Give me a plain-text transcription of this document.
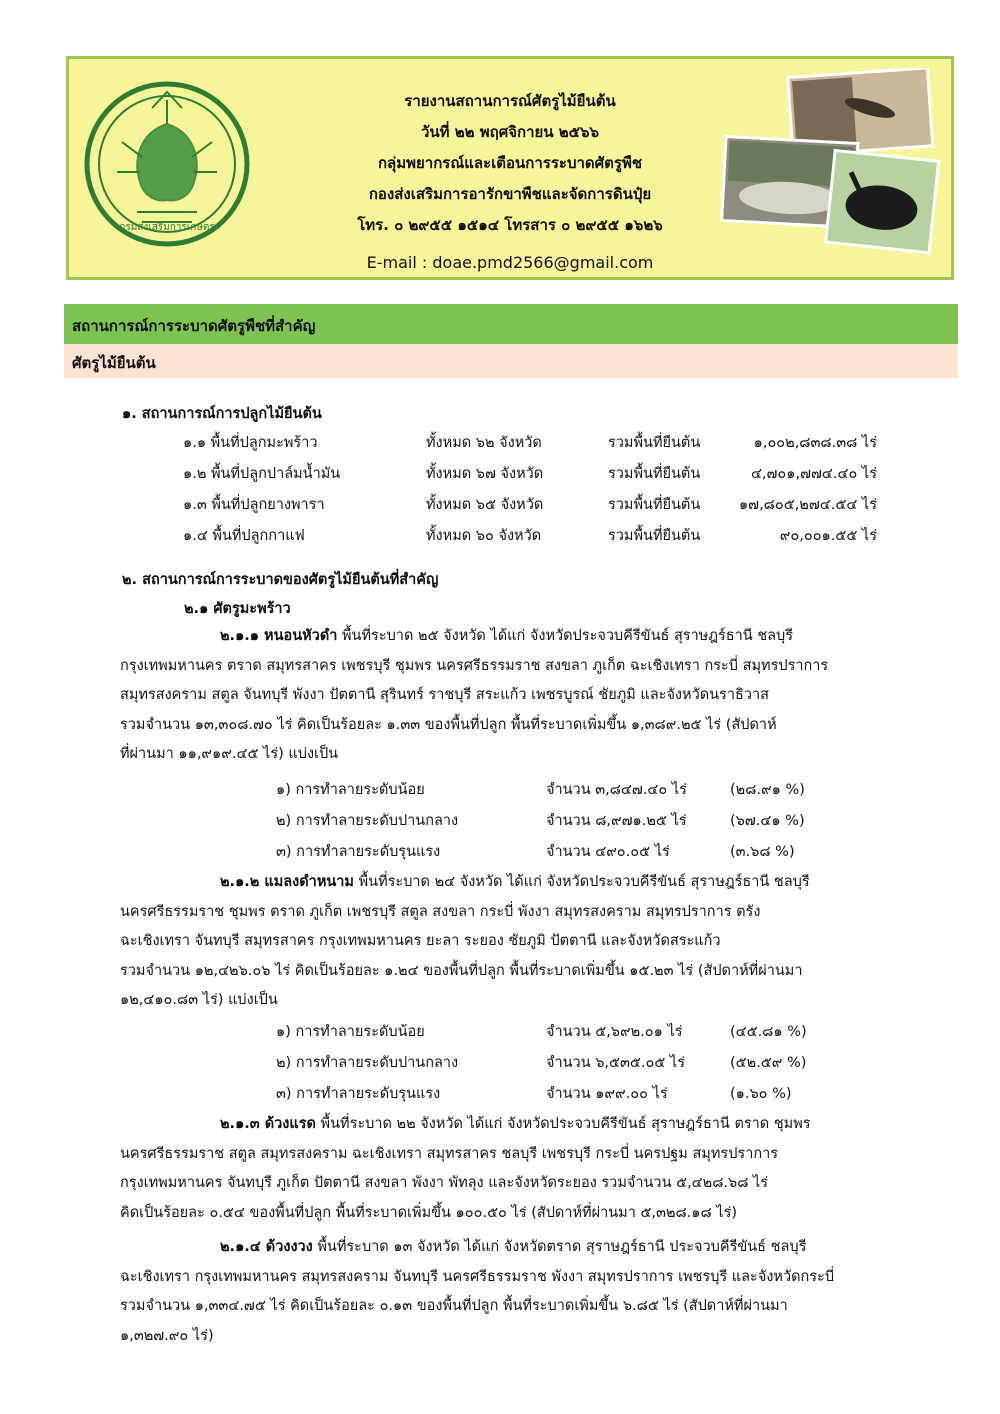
กรมส่งเสริมการเกษตร
รายงานสถานการณ์ศัตรูไม้ยืนต้น
วันที่ ๒๒ พฤศจิกายน ๒๕๖๖
กลุ่มพยากรณ์และเตือนการระบาดศัตรูพืช
กองส่งเสริมการอารักขาพืชและจัดการดินปุ๋ย
โทร. ๐ ๒๙๕๕ ๑๕๑๔ โทรสาร ๐ ๒๙๕๕ ๑๖๒๖
E-mail : doae.pmd2566@gmail.com
สถานการณ์การระบาดศัตรูพืชที่สำคัญ
ศัตรูไม้ยืนต้น
๑. สถานการณ์การปลูกไม้ยืนต้น
๑.๑ พื้นที่ปลูกมะพร้าว	ทั้งหมด ๖๒ จังหวัด	รวมพื้นที่ยืนต้น	๑,๐๐๒,๘๓๘.๓๘ ไร่
๑.๒ พื้นที่ปลูกปาล์มน้ำมัน	ทั้งหมด ๖๗ จังหวัด	รวมพื้นที่ยืนต้น	๔,๗๐๑,๗๗๔.๔๐ ไร่
๑.๓ พื้นที่ปลูกยางพารา	ทั้งหมด ๖๕ จังหวัด	รวมพื้นที่ยืนต้น	๑๗,๘๐๕,๒๗๔.๕๔ ไร่
๑.๔ พื้นที่ปลูกกาแฟ	ทั้งหมด ๖๐ จังหวัด	รวมพื้นที่ยืนต้น	๙๐,๐๐๑.๕๕ ไร่
๒. สถานการณ์การระบาดของศัตรูไม้ยืนต้นที่สำคัญ
๒.๑ ศัตรูมะพร้าว
๒.๑.๑ หนอนหัวดำ พื้นที่ระบาด ๒๕ จังหวัด ได้แก่ จังหวัดประจวบคีรีขันธ์ สุราษฎร์ธานี ชลบุรี
กรุงเทพมหานคร ตราด สมุทรสาคร เพชรบุรี ชุมพร นครศรีธรรมราช สงขลา ภูเก็ต ฉะเชิงเทรา กระบี่ สมุทรปราการ
สมุทรสงคราม สตูล จันทบุรี พังงา ปัตตานี สุรินทร์ ราชบุรี สระแก้ว เพชรบูรณ์ ชัยภูมิ และจังหวัดนราธิวาส
รวมจำนวน ๑๓,๓๐๘.๗๐ ไร่ คิดเป็นร้อยละ ๑.๓๓ ของพื้นที่ปลูก พื้นที่ระบาดเพิ่มขึ้น ๑,๓๘๙.๒๕ ไร่ (สัปดาห์
ที่ผ่านมา ๑๑,๙๑๙.๔๕ ไร่) แบ่งเป็น
๑) การทำลายระดับน้อย	จำนวน ๓,๘๔๗.๔๐ ไร่	(๒๘.๙๑ %)
๒) การทำลายระดับปานกลาง	จำนวน ๘,๙๗๑.๒๕ ไร่	(๖๗.๔๑ %)
๓) การทำลายระดับรุนแรง	จำนวน ๔๙๐.๐๕ ไร่	(๓.๖๘ %)
๒.๑.๒ แมลงดำหนาม พื้นที่ระบาด ๒๔ จังหวัด ได้แก่ จังหวัดประจวบคีรีขันธ์ สุราษฎร์ธานี ชลบุรี
นครศรีธรรมราช ชุมพร ตราด ภูเก็ต เพชรบุรี สตูล สงขลา กระบี่ พังงา สมุทรสงคราม สมุทรปราการ ตรัง
ฉะเชิงเทรา จันทบุรี สมุทรสาคร กรุงเทพมหานคร ยะลา ระยอง ชัยภูมิ ปัตตานี และจังหวัดสระแก้ว
รวมจำนวน ๑๒,๔๒๖.๐๖ ไร่ คิดเป็นร้อยละ ๑.๒๔ ของพื้นที่ปลูก พื้นที่ระบาดเพิ่มขึ้น ๑๕.๒๓ ไร่ (สัปดาห์ที่ผ่านมา
๑๒,๔๑๐.๘๓ ไร่) แบ่งเป็น
๑) การทำลายระดับน้อย	จำนวน ๕,๖๙๒.๐๑ ไร่	(๔๕.๘๑ %)
๒) การทำลายระดับปานกลาง	จำนวน ๖,๕๓๕.๐๕ ไร่	(๕๒.๕๙ %)
๓) การทำลายระดับรุนแรง	จำนวน ๑๙๙.๐๐ ไร่	(๑.๖๐ %)
๒.๑.๓ ด้วงแรด พื้นที่ระบาด ๒๒ จังหวัด ได้แก่ จังหวัดประจวบคีรีขันธ์ สุราษฎร์ธานี ตราด ชุมพร
นครศรีธรรมราช สตูล สมุทรสงคราม ฉะเชิงเทรา สมุทรสาคร ชลบุรี เพชรบุรี กระบี่ นครปฐม สมุทรปราการ
กรุงเทพมหานคร จันทบุรี ภูเก็ต ปัตตานี สงขลา พังงา พัทลุง และจังหวัดระยอง รวมจำนวน ๕,๔๒๘.๖๘ ไร่
คิดเป็นร้อยละ ๐.๕๔ ของพื้นที่ปลูก พื้นที่ระบาดเพิ่มขึ้น ๑๐๐.๕๐ ไร่ (สัปดาห์ที่ผ่านมา ๕,๓๒๘.๑๘ ไร่)
๒.๑.๔ ด้วงงวง พื้นที่ระบาด ๑๓ จังหวัด ได้แก่ จังหวัดตราด สุราษฎร์ธานี ประจวบคีรีขันธ์ ชลบุรี
ฉะเชิงเทรา กรุงเทพมหานคร สมุทรสงคราม จันทบุรี นครศรีธรรมราช พังงา สมุทรปราการ เพชรบุรี และจังหวัดกระบี่
รวมจำนวน ๑,๓๓๔.๗๕ ไร่ คิดเป็นร้อยละ ๐.๑๓ ของพื้นที่ปลูก พื้นที่ระบาดเพิ่มขึ้น ๖.๘๕ ไร่ (สัปดาห์ที่ผ่านมา
๑,๓๒๗.๙๐ ไร่)
